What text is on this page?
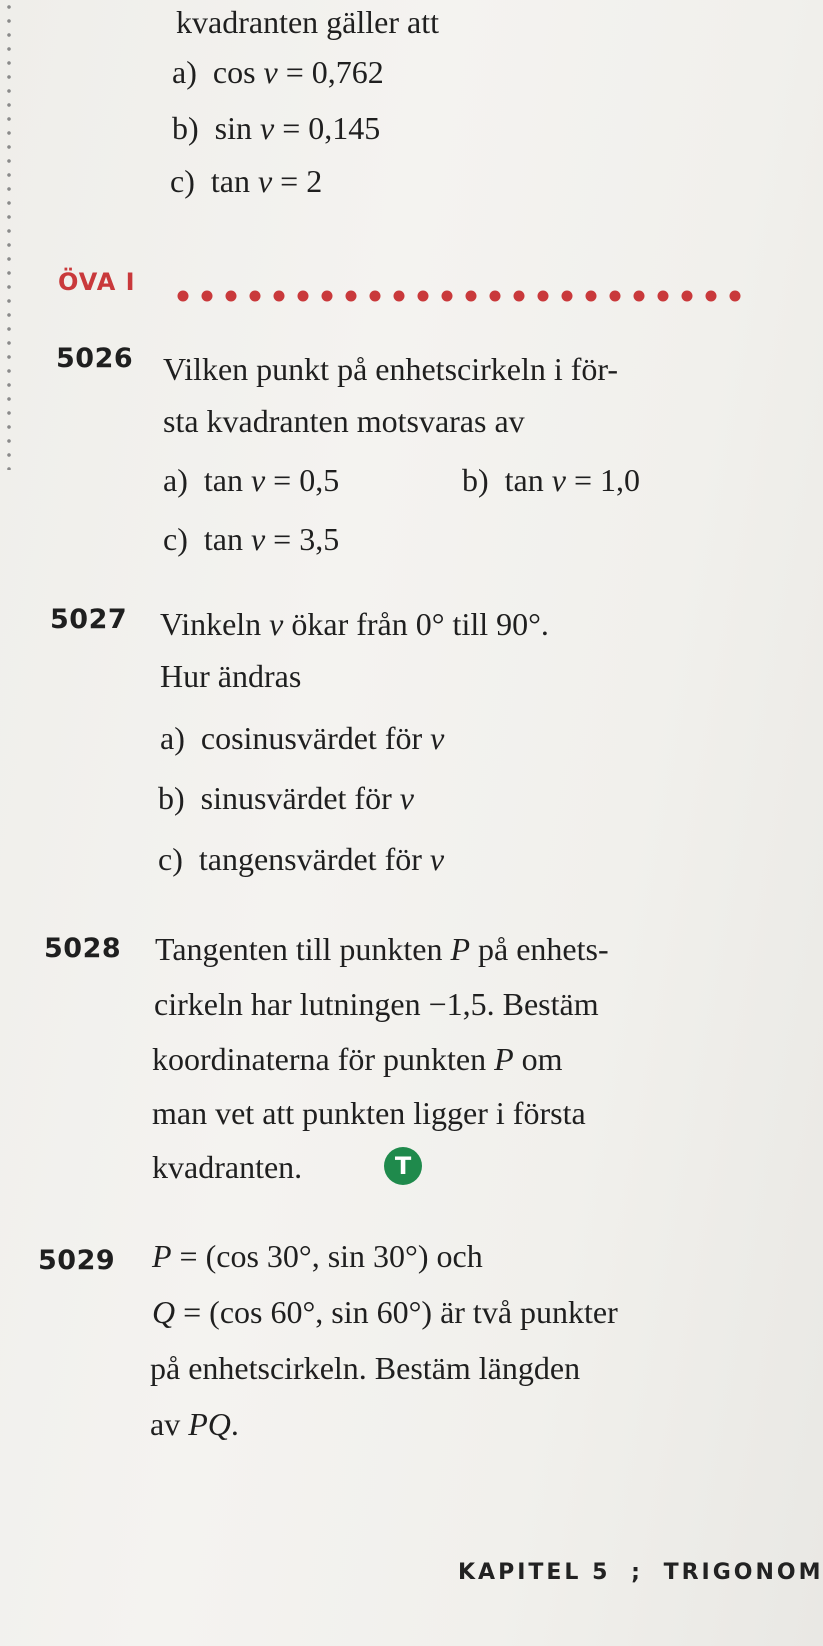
kvadranten gäller att
a) cos v = 0,762
b) sin v = 0,145
c) tan v = 2
ÖVA I
5026 Vilken punkt på enhetscirkeln i för-
sta kvadranten motsvaras av
a) tan v = 0,5	b) tan v = 1,0
c) tan v = 3,5
5027 Vinkeln v ökar från 0° till 90°.
Hur ändras
a) cosinusvärdet för v
b) sinusvärdet för v
c) tangensvärdet för v
5028 Tangenten till punkten P på enhets-
cirkeln har lutningen −1,5. Bestäm
koordinaterna för punkten P om
man vet att punkten ligger i första
kvadranten.	T
5029 P = (cos 30°, sin 30°) och
Q = (cos 60°, sin 60°) är två punkter
på enhetscirkeln. Bestäm längden
av PQ.
KAPITEL 5 ; TRIGONOM
